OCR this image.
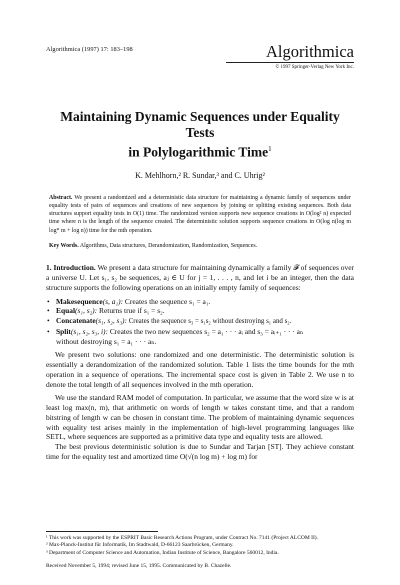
Algorithmica (1997) 17: 183–198	Algorithmica
© 1997 Springer-Verlag New York Inc.
Maintaining Dynamic Sequences under Equality Tests
in Polylogarithmic Time$^1$
K. Mehlhorn,² R. Sundar,³ and C. Uhrig²
Abstract. We present a randomized and a deterministic data structure for maintaining a dynamic family of sequences under equality tests of pairs of sequences and creations of new sequences by joining or splitting existing sequences. Both data structures support equality tests in O(1) time. The randomized version supports new sequence creations in O(log² n) expected time where n is the length of the sequence created. The deterministic solution supports sequence creations in O(log n(log m log* m + log n)) time for the mth operation.
Key Words. Algorithms, Data structures, Derandomization, Randomization, Sequences.

1. Introduction. We present a data structure for maintaining dynamically a family 𝓕 of sequences over a universe U. Let s₁, s₂ be sequences, aⱼ ∈ U for j = 1, . . . , n, and let i be an integer, then the data structure supports the following operations on an initially empty family of sequences:

• Makesequence(s, a₁): Creates the sequence s₁ = a₁.
• Equal(s₁, s₂): Returns true if s₁ = s₂.
• Concatenate(s₁, s₂, s₃): Creates the sequence s₃ = s₁s₂ without destroying s₁ and s₂.
• Split(s₁, s₂, s₃, i): Creates the two new sequences s₂ = a₁ · · · aᵢ and s₃ = aᵢ₊₁ · · · aₙ
without destroying s₁ = a₁ · · · aₙ.

We present two solutions: one randomized and one deterministic. The deterministic solution is essentially a derandomization of the randomized solution. Table 1 lists the time bounds for the mth operation in a sequence of operations. The incremental space cost is given in Table 2. We use n to denote the total length of all sequences involved in the mth operation.

We use the standard RAM model of computation. In particular, we assume that the word size w is at least log max(n, m), that arithmetic on words of length w takes constant time, and that a random bitstring of length w can be chosen in constant time. The problem of maintaining dynamic sequences with equality test arises mainly in the implementation of high-level programming languages like SETL, where sequences are supported as a primitive data type and equality tests are allowed.

The best previous deterministic solution is due to Sundar and Tarjan [ST]. They achieve constant time for the equality test and amortized time O(√(n log m) + log m) for

¹ This work was supported by the ESPRIT Basic Research Actions Program, under Contract No. 7141 (Project ALCOM II).
² Max-Planck-Institut für Informatik, Im Stadtwald, D-66123 Saarbrücken, Germany.
³ Department of Computer Science and Automation, Indian Institute of Science, Bangalore 560012, India.
Received November 5, 1994; revised June 15, 1995. Communicated by B. Chazelle.
